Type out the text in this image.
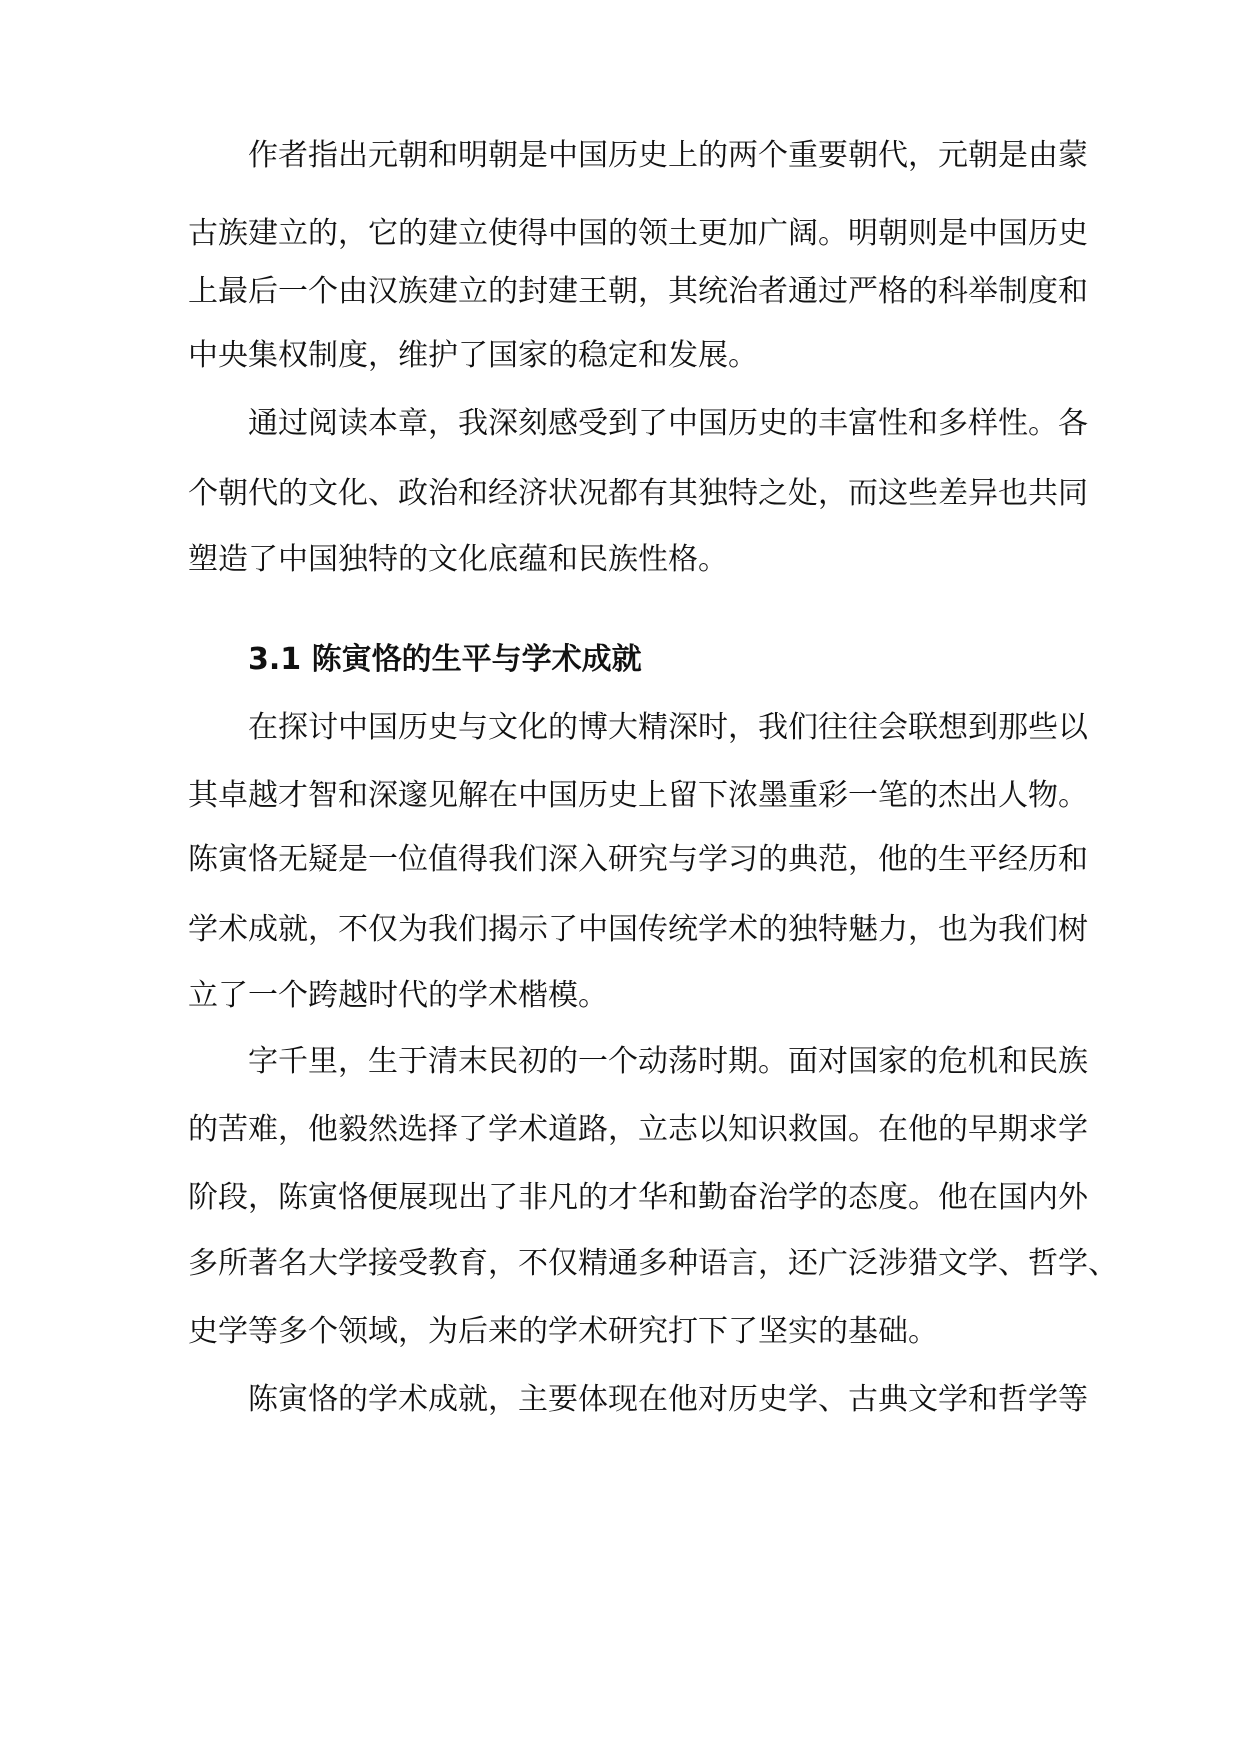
作者指出元朝和明朝是中国历史上的两个重要朝代，元朝是由蒙
古族建立的，它的建立使得中国的领土更加广阔。明朝则是中国历史
上最后一个由汉族建立的封建王朝，其统治者通过严格的科举制度和
中央集权制度，维护了国家的稳定和发展。
通过阅读本章，我深刻感受到了中国历史的丰富性和多样性。各
个朝代的文化、政治和经济状况都有其独特之处，而这些差异也共同
塑造了中国独特的文化底蕴和民族性格。
3.1 陈寅恪的生平与学术成就
在探讨中国历史与文化的博大精深时，我们往往会联想到那些以
其卓越才智和深邃见解在中国历史上留下浓墨重彩一笔的杰出人物。
陈寅恪无疑是一位值得我们深入研究与学习的典范，他的生平经历和
学术成就，不仅为我们揭示了中国传统学术的独特魅力，也为我们树
立了一个跨越时代的学术楷模。
字千里，生于清末民初的一个动荡时期。面对国家的危机和民族
的苦难，他毅然选择了学术道路，立志以知识救国。在他的早期求学
阶段，陈寅恪便展现出了非凡的才华和勤奋治学的态度。他在国内外
多所著名大学接受教育，不仅精通多种语言，还广泛涉猎文学、哲学、
史学等多个领域，为后来的学术研究打下了坚实的基础。
陈寅恪的学术成就，主要体现在他对历史学、古典文学和哲学等
